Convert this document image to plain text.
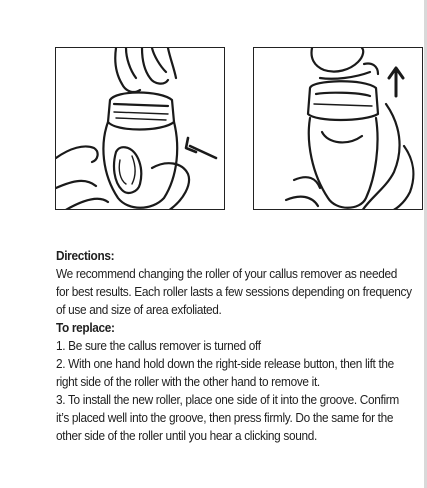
Directions:

We recommend changing the roller of your callus remover as needed

for best results. Each roller lasts a few sessions depending on frequency

of use and size of area exfoliated.

To replace:

1. Be sure the callus remover is turned off

2. With one hand hold down the right-side release button, then lift the

right side of the roller with the other hand to remove it.

3. To install the new roller, place one side of it into the groove. Confirm

it’s placed well into the groove, then press firmly. Do the same for the

other side of the roller until you hear a clicking sound.
